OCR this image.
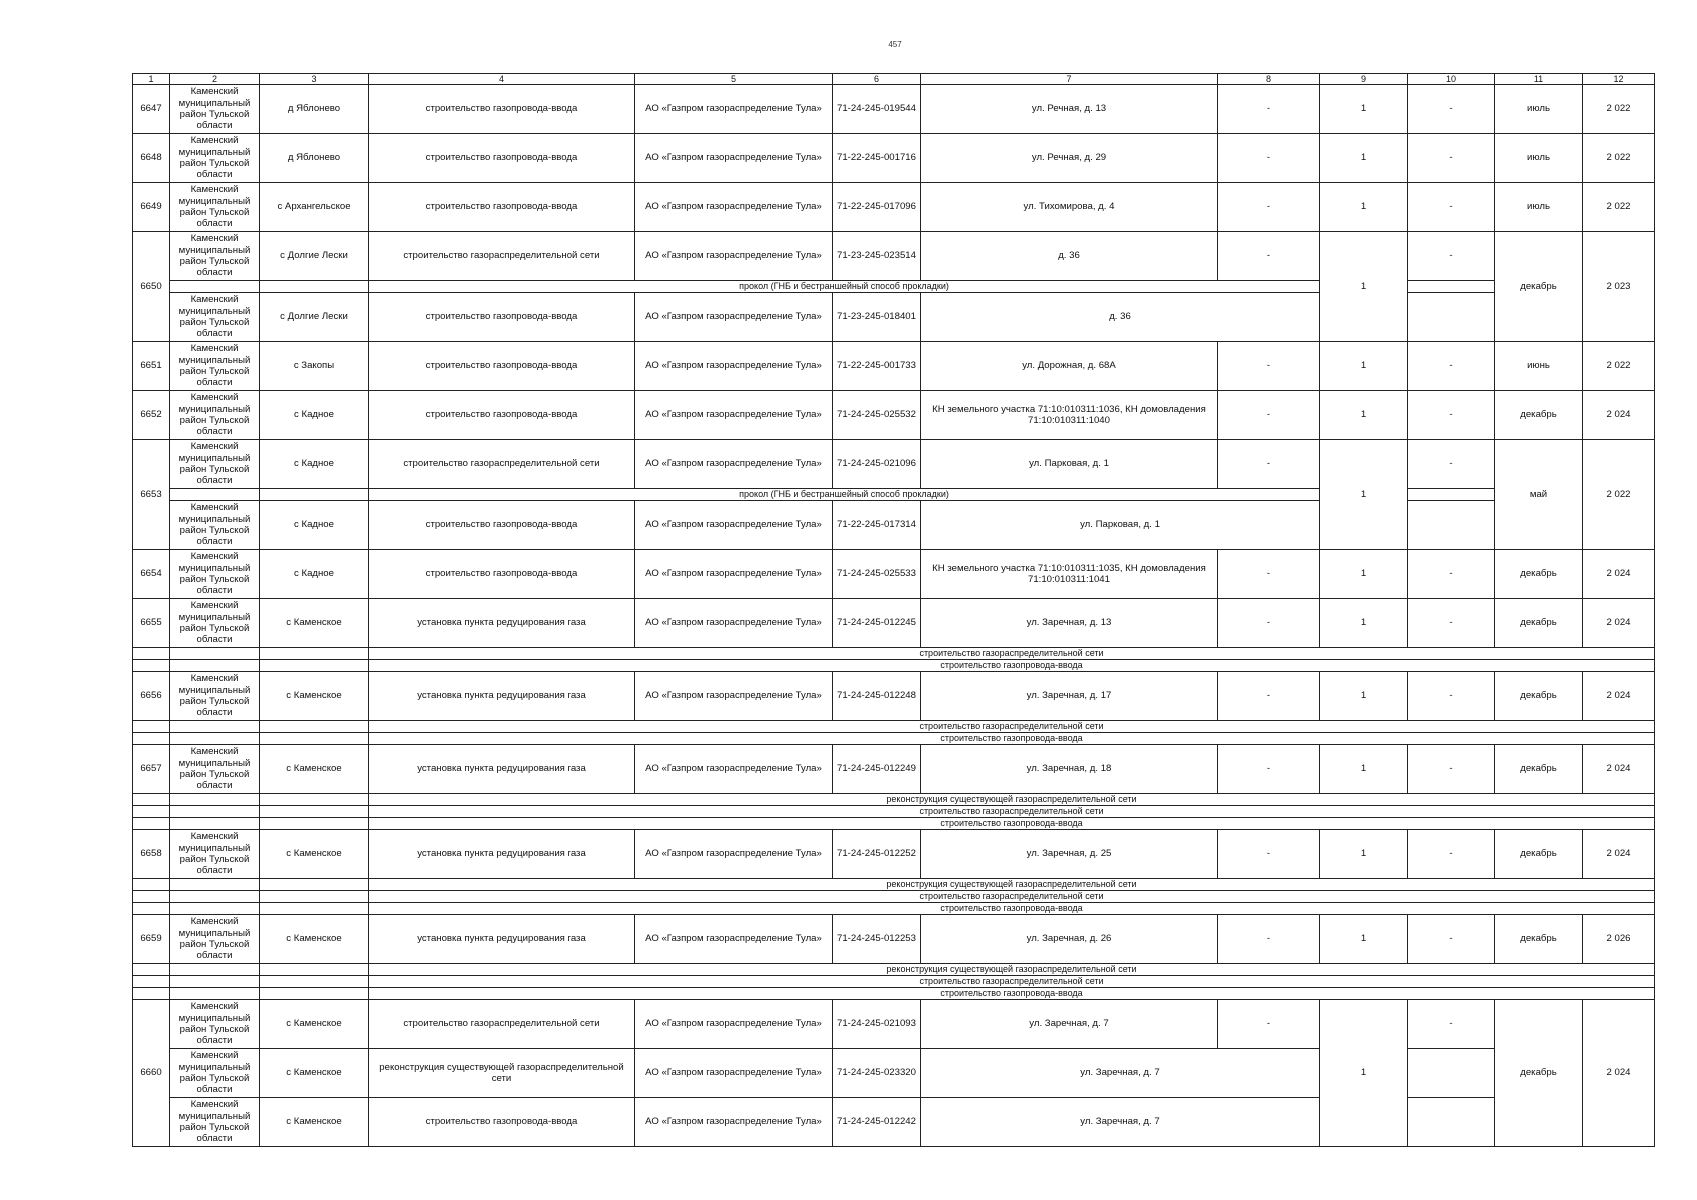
457
1	2	3	4	5	6	7	8	9	10	11	12
6647	Каменский муниципальный район Тульской области	д Яблонево	строительство газопровода-ввода	АО «Газпром газораспределение Тула»	71-24-245-019544	ул. Речная, д. 13	-	1	-	июль	2 022
6648	Каменский муниципальный район Тульской области	д Яблонево	строительство газопровода-ввода	АО «Газпром газораспределение Тула»	71-22-245-001716	ул. Речная, д. 29	-	1	-	июль	2 022
6649	Каменский муниципальный район Тульской области	с Архангельское	строительство газопровода-ввода	АО «Газпром газораспределение Тула»	71-22-245-017096	ул. Тихомирова, д. 4	-	1	-	июль	2 022
6650	Каменский муниципальный район Тульской области	с Долгие Лески	строительство газораспределительной сети	АО «Газпром газораспределение Тула»	71-23-245-023514	д. 36	-	1	-	декабрь	2 023
			прокол (ГНБ и бестраншейный способ прокладки)								
	Каменский муниципальный район Тульской области	с Долгие Лески	строительство газопровода-ввода	АО «Газпром газораспределение Тула»	71-23-245-018401	д. 36					
6651	Каменский муниципальный район Тульской области	с Закопы	строительство газопровода-ввода	АО «Газпром газораспределение Тула»	71-22-245-001733	ул. Дорожная, д. 68А	-	1	-	июнь	2 022
6652	Каменский муниципальный район Тульской области	с Кадное	строительство газопровода-ввода	АО «Газпром газораспределение Тула»	71-24-245-025532	КН земельного участка 71:10:010311:1036, КН домовладения 71:10:010311:1040	-	1	-	декабрь	2 024
6653	Каменский муниципальный район Тульской области	с Кадное	строительство газораспределительной сети	АО «Газпром газораспределение Тула»	71-24-245-021096	ул. Парковая, д. 1	-	1	-	май	2 022
			прокол (ГНБ и бестраншейный способ прокладки)								
	Каменский муниципальный район Тульской области	с Кадное	строительство газопровода-ввода	АО «Газпром газораспределение Тула»	71-22-245-017314	ул. Парковая, д. 1					
6654	Каменский муниципальный район Тульской области	с Кадное	строительство газопровода-ввода	АО «Газпром газораспределение Тула»	71-24-245-025533	КН земельного участка 71:10:010311:1035, КН домовладения 71:10:010311:1041	-	1	-	декабрь	2 024
6655	Каменский муниципальный район Тульской области	с Каменское	установка пункта редуцирования газа	АО «Газпром газораспределение Тула»	71-24-245-012245	ул. Заречная, д. 13	-	1	-	декабрь	2 024
			строительство газораспределительной сети								
			строительство газопровода-ввода								
6656	Каменский муниципальный район Тульской области	с Каменское	установка пункта редуцирования газа	АО «Газпром газораспределение Тула»	71-24-245-012248	ул. Заречная, д. 17	-	1	-	декабрь	2 024
			строительство газораспределительной сети								
			строительство газопровода-ввода								
6657	Каменский муниципальный район Тульской области	с Каменское	установка пункта редуцирования газа	АО «Газпром газораспределение Тула»	71-24-245-012249	ул. Заречная, д. 18	-	1	-	декабрь	2 024
			реконструкция существующей газораспределительной сети								
			строительство газораспределительной сети								
			строительство газопровода-ввода								
6658	Каменский муниципальный район Тульской области	с Каменское	установка пункта редуцирования газа	АО «Газпром газораспределение Тула»	71-24-245-012252	ул. Заречная, д. 25	-	1	-	декабрь	2 024
			реконструкция существующей газораспределительной сети								
			строительство газораспределительной сети								
			строительство газопровода-ввода								
6659	Каменский муниципальный район Тульской области	с Каменское	установка пункта редуцирования газа	АО «Газпром газораспределение Тула»	71-24-245-012253	ул. Заречная, д. 26	-	1	-	декабрь	2 026
			реконструкция существующей газораспределительной сети								
			строительство газораспределительной сети								
			строительство газопровода-ввода								
6660	Каменский муниципальный район Тульской области	с Каменское	строительство газораспределительной сети	АО «Газпром газораспределение Тула»	71-24-245-021093	ул. Заречная, д. 7	-	1	-	декабрь	2 024
	Каменский муниципальный район Тульской области	с Каменское	реконструкция существующей газораспределительной сети	АО «Газпром газораспределение Тула»	71-24-245-023320	ул. Заречная, д. 7					
	Каменский муниципальный район Тульской области	с Каменское	строительство газопровода-ввода	АО «Газпром газораспределение Тула»	71-24-245-012242	ул. Заречная, д. 7					
